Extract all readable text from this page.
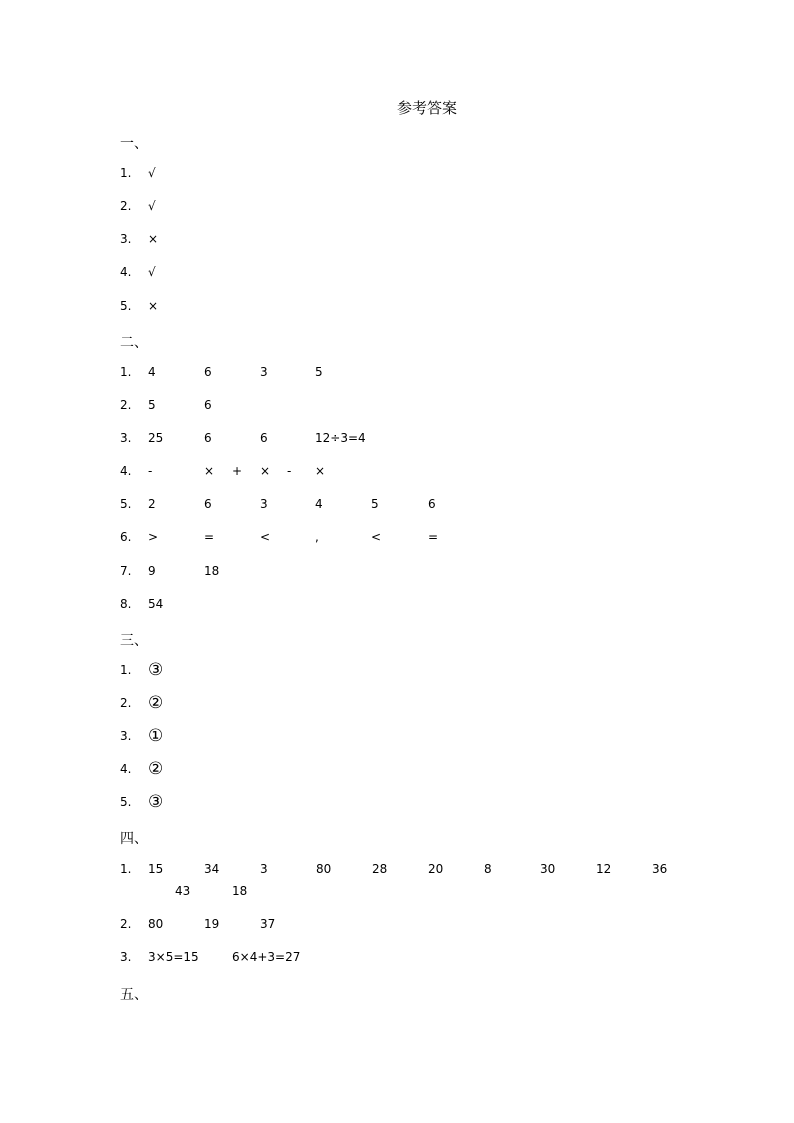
参考答案
一、
1. √
2. √
3. ×
4. √
5. ×
二、
1. 4	6	3	5
2. 5	6
3. 25	6	6	12÷3=4
4. -	× + × - ×
5. 2	6	3	4	5	6
6. >	=	<	,	<	=
7. 9	18
8. 54
三、
1. ③
2. ②
3. ①
4. ②
5. ③
四、
1. 15	34	3	80	28	20	8	30	12	36
43	18
2. 80	19	37
3. 3×5=15	6×4+3=27
五、
